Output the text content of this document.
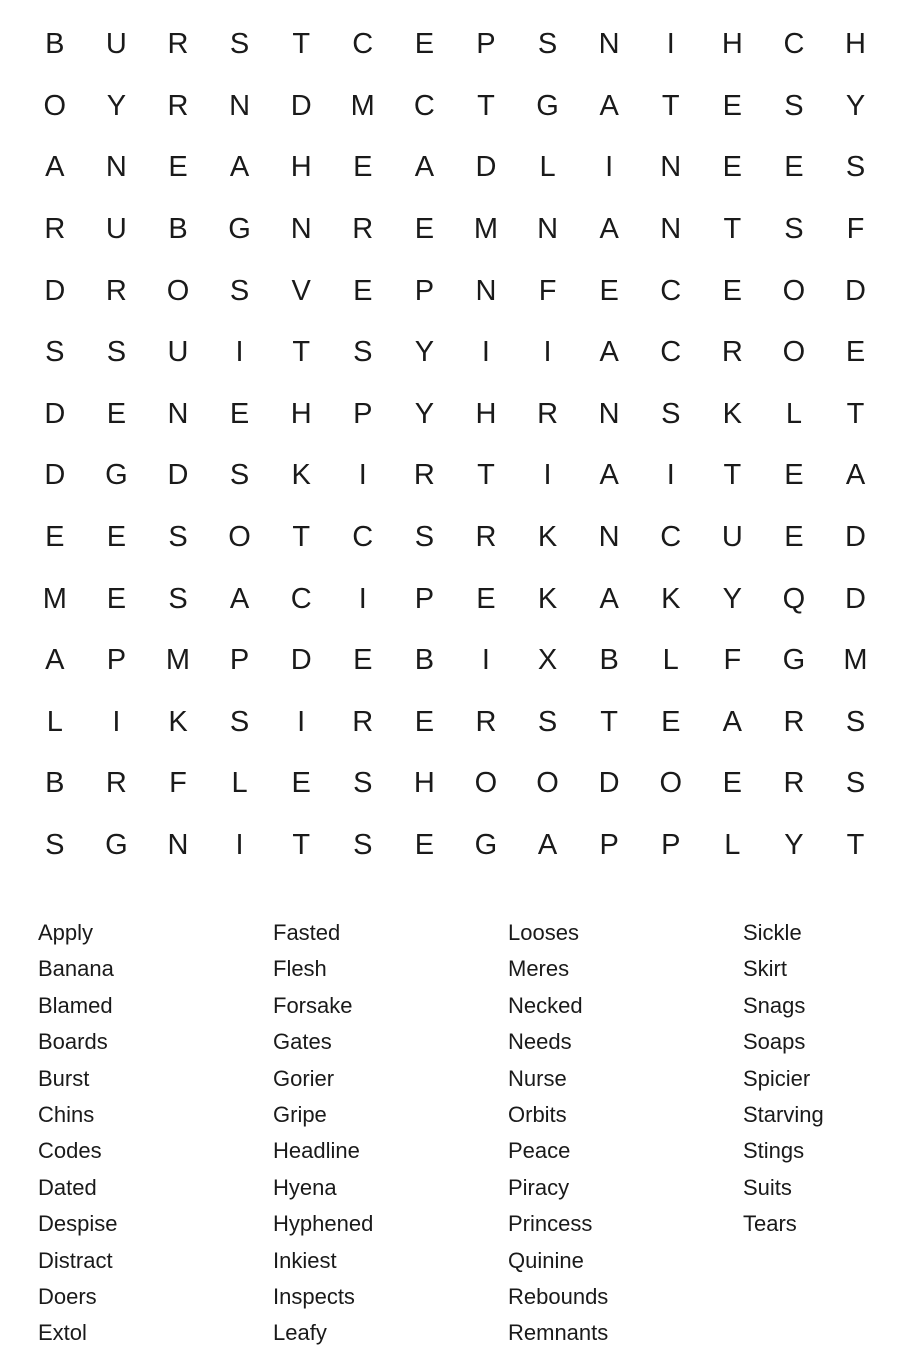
B	U	R	S	T	C	E	P	S	N	I	H	C	H
O	Y	R	N	D	M	C	T	G	A	T	E	S	Y
A	N	E	A	H	E	A	D	L	I	N	E	E	S
R	U	B	G	N	R	E	M	N	A	N	T	S	F
D	R	O	S	V	E	P	N	F	E	C	E	O	D
S	S	U	I	T	S	Y	I	I	A	C	R	O	E
D	E	N	E	H	P	Y	H	R	N	S	K	L	T
D	G	D	S	K	I	R	T	I	A	I	T	E	A
E	E	S	O	T	C	S	R	K	N	C	U	E	D
M	E	S	A	C	I	P	E	K	A	K	Y	Q	D
A	P	M	P	D	E	B	I	X	B	L	F	G	M
L	I	K	S	I	R	E	R	S	T	E	A	R	S
B	R	F	L	E	S	H	O	O	D	O	E	R	S
S	G	N	I	T	S	E	G	A	P	P	L	Y	T
Apply
Banana
Blamed
Boards
Burst
Chins
Codes
Dated
Despise
Distract
Doers
Extol
Fasted
Flesh
Forsake
Gates
Gorier
Gripe
Headline
Hyena
Hyphened
Inkiest
Inspects
Leafy
Looses
Meres
Necked
Needs
Nurse
Orbits
Peace
Piracy
Princess
Quinine
Rebounds
Remnants
Sickle
Skirt
Snags
Soaps
Spicier
Starving
Stings
Suits
Tears
